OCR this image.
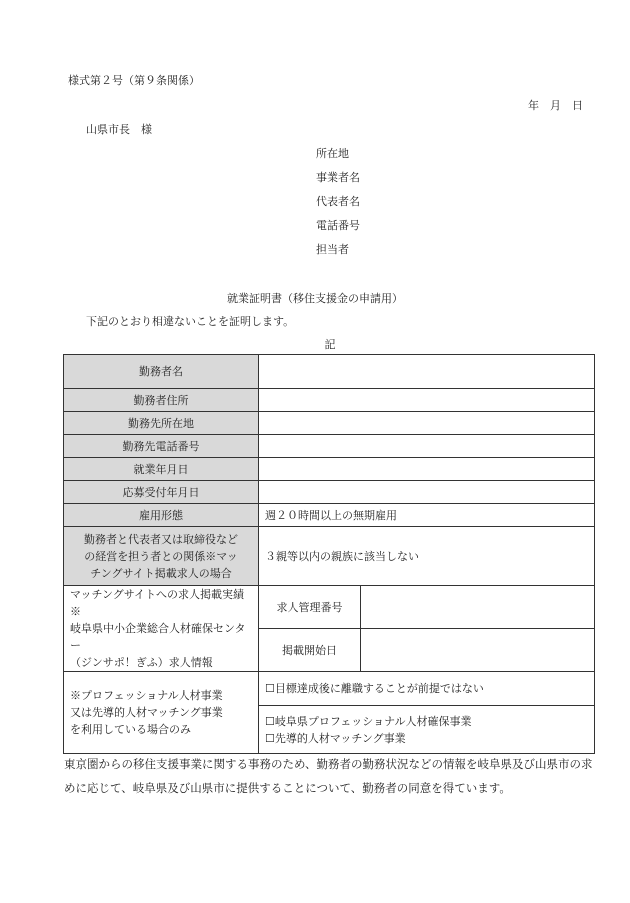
様式第２号（第９条関係）
年　月　日
山県市長　様
所在地
事業者名
代表者名
電話番号
担当者
就業証明書（移住支援金の申請用）
下記のとおり相違ないことを証明します。
記
勤務者名		
勤務者住所		
勤務先所在地		
勤務先電話番号		
就業年月日		
応募受付年月日		
雇用形態	週２０時間以上の無期雇用	

勤務者と代表者又は取締役など
の経営を担う者との関係※マッ
チングサイト掲載求人の場合	３親等以内の親族に該当しない	

マッチングサイトへの求人掲載実績※
岐阜県中小企業総合人材確保センター
（ジンサポ！ぎふ）求人情報	求人管理番号	
	掲載開始日	

※プロフェッショナル人材事業
又は先導的人材マッチング事業
を利用している場合のみ	☐目標達成後に離職することが前提ではない	

	☐岐阜県プロフェッショナル人材確保事業
☐先導的人材マッチング事業	
東京圏からの移住支援事業に関する事務のため、勤務者の勤務状況などの情報を岐阜県及び山県市の求めに応じて、岐阜県及び山県市に提供することについて、勤務者の同意を得ています。
